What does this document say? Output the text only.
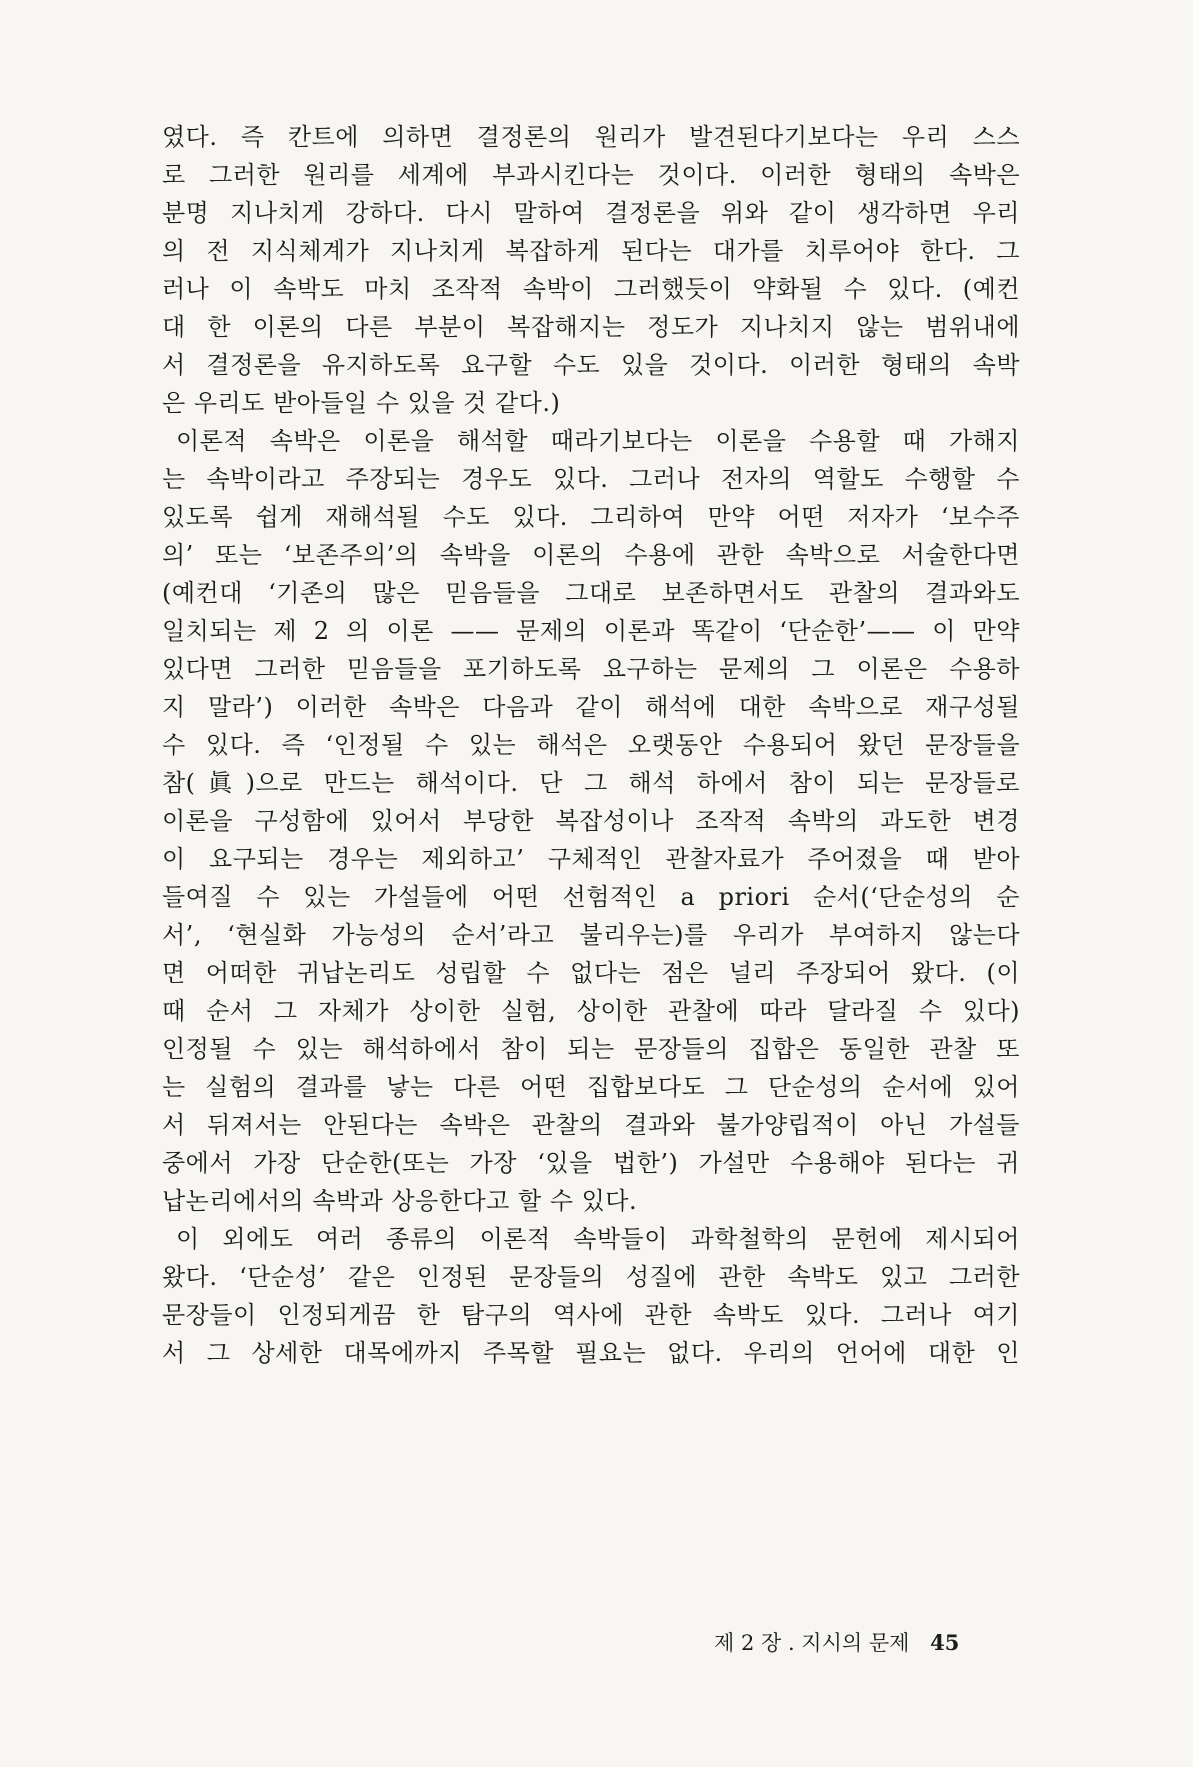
였다. 즉 칸트에 의하면 결정론의 원리가 발견된다기보다는 우리 스스
로 그러한 원리를 세계에 부과시킨다는 것이다. 이러한 형태의 속박은
분명 지나치게 강하다. 다시 말하여 결정론을 위와 같이 생각하면 우리
의 전 지식체계가 지나치게 복잡하게 된다는 대가를 치루어야 한다. 그
러나 이 속박도 마치 조작적 속박이 그러했듯이 약화될 수 있다. (예컨
대 한 이론의 다른 부분이 복잡해지는 정도가 지나치지 않는 범위내에
서 결정론을 유지하도록 요구할 수도 있을 것이다. 이러한 형태의 속박
은 우리도 받아들일 수 있을 것 같다.)
이론적 속박은 이론을 해석할 때라기보다는 이론을 수용할 때 가해지
는 속박이라고 주장되는 경우도 있다. 그러나 전자의 역할도 수행할 수
있도록 쉽게 재해석될 수도 있다. 그리하여 만약 어떤 저자가 ‘보수주
의’ 또는 ‘보존주의’의 속박을 이론의 수용에 관한 속박으로 서술한다면
(예컨대 ‘기존의 많은 믿음들을 그대로 보존하면서도 관찰의 결과와도
일치되는 제 2 의 이론 —— 문제의 이론과 똑같이 ‘단순한’—— 이 만약
있다면 그러한 믿음들을 포기하도록 요구하는 문제의 그 이론은 수용하
지 말라’) 이러한 속박은 다음과 같이 해석에 대한 속박으로 재구성될
수 있다. 즉 ‘인정될 수 있는 해석은 오랫동안 수용되어 왔던 문장들을
참(眞)으로 만드는 해석이다. 단 그 해석 하에서 참이 되는 문장들로
이론을 구성함에 있어서 부당한 복잡성이나 조작적 속박의 과도한 변경
이 요구되는 경우는 제외하고’ 구체적인 관찰자료가 주어졌을 때 받아
들여질 수 있는 가설들에 어떤 선험적인 a priori 순서(‘단순성의 순
서’, ‘현실화 가능성의 순서’라고 불리우는)를 우리가 부여하지 않는다
면 어떠한 귀납논리도 성립할 수 없다는 점은 널리 주장되어 왔다. (이
때 순서 그 자체가 상이한 실험, 상이한 관찰에 따라 달라질 수 있다)
인정될 수 있는 해석하에서 참이 되는 문장들의 집합은 동일한 관찰 또
는 실험의 결과를 낳는 다른 어떤 집합보다도 그 단순성의 순서에 있어
서 뒤져서는 안된다는 속박은 관찰의 결과와 불가양립적이 아닌 가설들
중에서 가장 단순한(또는 가장 ‘있을 법한’) 가설만 수용해야 된다는 귀
납논리에서의 속박과 상응한다고 할 수 있다.
이 외에도 여러 종류의 이론적 속박들이 과학철학의 문헌에 제시되어
왔다. ‘단순성’ 같은 인정된 문장들의 성질에 관한 속박도 있고 그러한
문장들이 인정되게끔 한 탐구의 역사에 관한 속박도 있다. 그러나 여기
서 그 상세한 대목에까지 주목할 필요는 없다. 우리의 언어에 대한 인
제 2 장 . 지시의 문제 45
